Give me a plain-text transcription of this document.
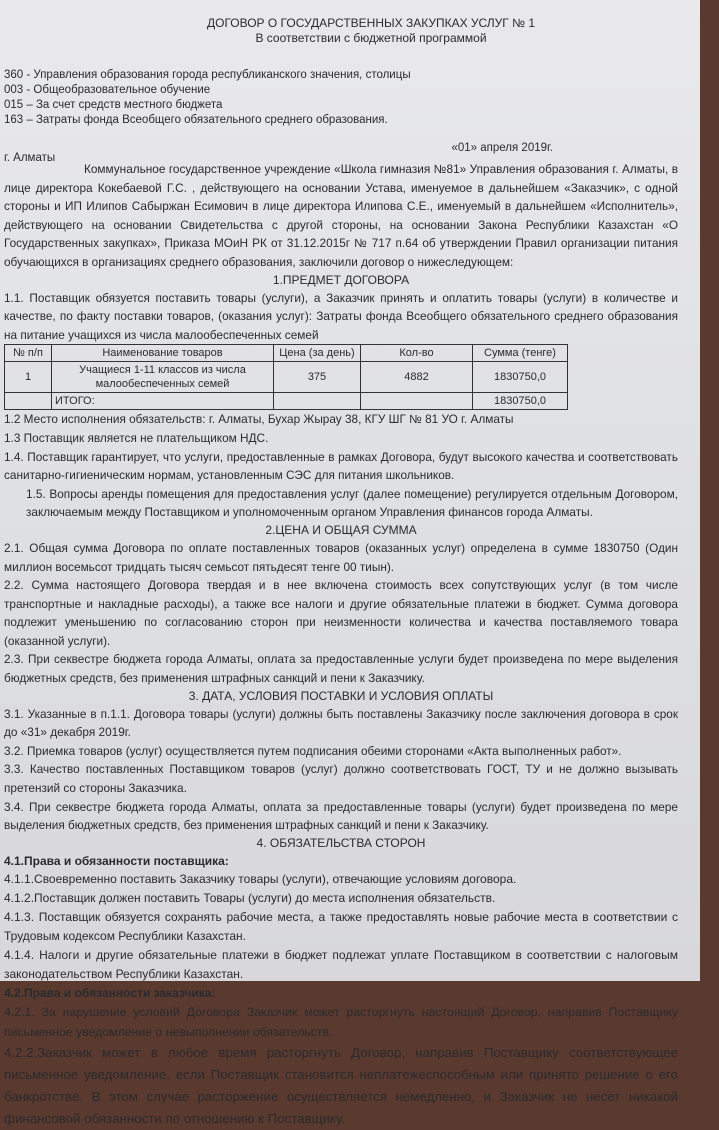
ДОГОВОР О ГОСУДАРСТВЕННЫХ ЗАКУПКАХ УСЛУГ № 1
В соответствии с бюджетной программой
360 - Управления образования города республиканского значения, столицы
003 - Общеобразовательное обучение
015 – За счет средств местного бюджета
163 – Затраты фонда Всеобщего обязательного среднего образования.
г. Алматы
«01» апреля 2019г.

Коммунальное государственное учреждение «Школа гимназия №81» Управления образования г. Алматы, в лице директора Кокебаевой Г.С. , действующего на основании Устава, именуемое в дальнейшем «Заказчик», с одной стороны и ИП Илипов Сабыржан Есимович в лице директора Илипова С.Е., именуемый в дальнейшем «Исполнитель», действующего на основании Свидетельства с другой стороны, на основании Закона Республики Казахстан «О Государственных закупках», Приказа МОиН РК от 31.12.2015г № 717 п.64 об утверждении Правил организации питания обучающихся в организациях среднего образования, заключили договор о нижеследующем:

1.ПРЕДМЕТ ДОГОВОРА

1.1. Поставщик обязуется поставить товары (услуги), а Заказчик принять и оплатить товары (услуги) в количестве и качестве, по факту поставки товаров, (оказания услуг): Затраты фонда Всеобщего обязательного среднего образования на питание учащихся из числа малообеспеченных семей

№ п/п	Наименование товаров	Цена (за день)	Кол-во	Сумма (тенге)
1	Учащиеся 1-11 классов из числа малообеспеченных семей	375	4882	1830750,0
	ИТОГО:			1830750,0

1.2 Место исполнения обязательств: г. Алматы, Бухар Жырау 38, КГУ ШГ № 81 УО г. Алматы

1.3 Поставщик является не плательщиком НДС.

1.4. Поставщик гарантирует, что услуги, предоставленные в рамках Договора, будут высокого качества и соответствовать санитарно-гигиеническим нормам, установленным СЭС для питания школьников.

1.5. Вопросы аренды помещения для предоставления услуг (далее помещение) регулируется отдельным Договором, заключаемым между Поставщиком и уполномоченным органом Управления финансов города Алматы.

2.ЦЕНА И ОБЩАЯ СУММА

2.1. Общая сумма Договора по оплате поставленных товаров (оказанных услуг) определена в сумме 1830750 (Один миллион восемьсот тридцать тысяч семьсот пятьдесят тенге 00 тиын).

2.2. Сумма настоящего Договора твердая и в нее включена стоимость всех сопутствующих услуг (в том числе транспортные и накладные расходы), а также все налоги и другие обязательные платежи в бюджет. Сумма договора подлежит уменьшению по согласованию сторон при неизменности количества и качества поставляемого товара (оказанной услуги).

2.3. При секвестре бюджета города Алматы, оплата за предоставленные услуги будет произведена по мере выделения бюджетных средств, без применения штрафных санкций и пени к Заказчику.

3. ДАТА, УСЛОВИЯ ПОСТАВКИ И УСЛОВИЯ ОПЛАТЫ

3.1. Указанные в п.1.1. Договора товары (услуги) должны быть поставлены Заказчику после заключения договора в срок до «31» декабря 2019г.

3.2. Приемка товаров (услуг) осуществляется путем подписания обеими сторонами «Акта выполненных работ».

3.3. Качество поставленных Поставщиком товаров (услуг) должно соответствовать ГОСТ, ТУ и не должно вызывать претензий со стороны Заказчика.

3.4. При секвестре бюджета города Алматы, оплата за предоставленные товары (услуги) будет произведена по мере выделения бюджетных средств, без применения штрафных санкций и пени к Заказчику.

4. ОБЯЗАТЕЛЬСТВА СТОРОН
4.1.Права и обязанности поставщика:

4.1.1.Своевременно поставить Заказчику товары (услуги), отвечающие условиям договора.

4.1.2.Поставщик должен поставить Товары (услуги) до места исполнения обязательств.

4.1.3. Поставщик обязуется сохранять рабочие места, а также предоставлять новые рабочие места в соответствии с Трудовым кодексом Республики Казахстан.

4.1.4. Налоги и другие обязательные платежи в бюджет подлежат уплате Поставщиком в соответствии с налоговым законодательством Республики Казахстан.

4.2.Права и обязанности заказчика:

4.2.1. За нарушение условий Договора Заказчик может расторгнуть настоящий Договор, направив Поставщику письменное уведомление о невыполнении обязательств.

4.2.2.Заказчик может в любое время расторгнуть Договор, направив Поставщику соответствующее письменное уведомление, если Поставщик становится неплатежеспособным или принято решение о его банкротстве. В этом случае расторжение осуществляется немедленно, и Заказчик не несет никакой финансовой обязанности по отношению к Поставщику.
